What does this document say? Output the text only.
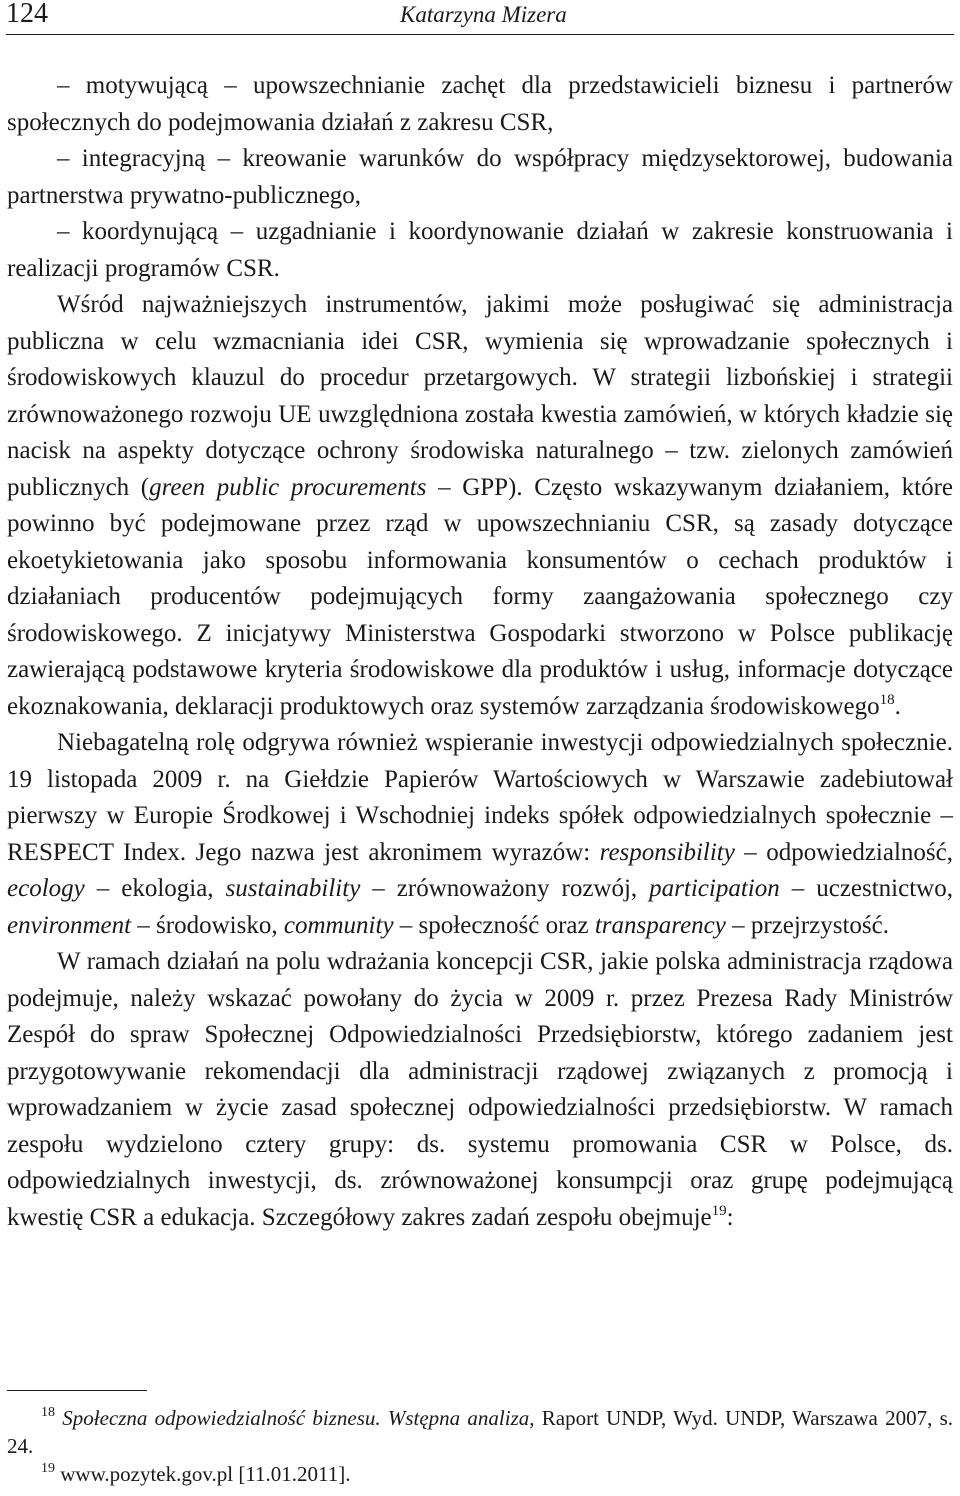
124	Katarzyna Mizera

– motywującą – upowszechnianie zachęt dla przedstawicieli biznesu i partnerów społecznych do podejmowania działań z zakresu CSR,

– integracyjną – kreowanie warunków do współpracy międzysektorowej, budowania partnerstwa prywatno-publicznego,

– koordynującą – uzgadnianie i koordynowanie działań w zakresie konstruowania i realizacji programów CSR.

Wśród najważniejszych instrumentów, jakimi może posługiwać się administracja publiczna w celu wzmacniania idei CSR, wymienia się wprowadzanie społecznych i środowiskowych klauzul do procedur przetargowych. W strategii lizbońskiej i strategii zrównoważonego rozwoju UE uwzględniona została kwestia zamówień, w których kładzie się nacisk na aspekty dotyczące ochrony środowiska naturalnego – tzw. zielonych zamówień publicznych (green public procurements – GPP). Często wskazywanym działaniem, które powinno być podejmowane przez rząd w upowszechnianiu CSR, są zasady dotyczące ekoetykietowania jako sposobu informowania konsumentów o cechach produktów i działaniach producentów podejmujących formy zaangażowania społecznego czy środowiskowego. Z inicjatywy Ministerstwa Gospodarki stworzono w Polsce publikację zawierającą podstawowe kryteria środowiskowe dla produktów i usług, informacje dotyczące ekoznakowania, deklaracji produktowych oraz systemów zarządzania środowiskowego$^{18}$.

Niebagatelną rolę odgrywa również wspieranie inwestycji odpowiedzialnych społecznie. 19 listopada 2009 r. na Giełdzie Papierów Wartościowych w Warszawie zadebiutował pierwszy w Europie Środkowej i Wschodniej indeks spółek odpowiedzialnych społecznie – RESPECT Index. Jego nazwa jest akronimem wyrazów: responsibility – odpowiedzialność, ecology – ekologia, sustainability – zrównoważony rozwój, participation – uczestnictwo, environment – środowisko, community – społeczność oraz transparency – przejrzystość.

W ramach działań na polu wdrażania koncepcji CSR, jakie polska administracja rządowa podejmuje, należy wskazać powołany do życia w 2009 r. przez Prezesa Rady Ministrów Zespół do spraw Społecznej Odpowiedzialności Przedsiębiorstw, którego zadaniem jest przygotowywanie rekomendacji dla administracji rządowej związanych z promocją i wprowadzaniem w życie zasad społecznej odpowiedzialności przedsiębiorstw. W ramach zespołu wydzielono cztery grupy: ds. systemu promowania CSR w Polsce, ds. odpowiedzialnych inwestycji, ds. zrównoważonej konsumpcji oraz grupę podejmującą kwestię CSR a edukacja. Szczegółowy zakres zadań zespołu obejmuje$^{19}$:

$^{18}$ Społeczna odpowiedzialność biznesu. Wstępna analiza, Raport UNDP, Wyd. UNDP, Warszawa 2007, s. 24.

$^{19}$ www.pozytek.gov.pl [11.01.2011].
